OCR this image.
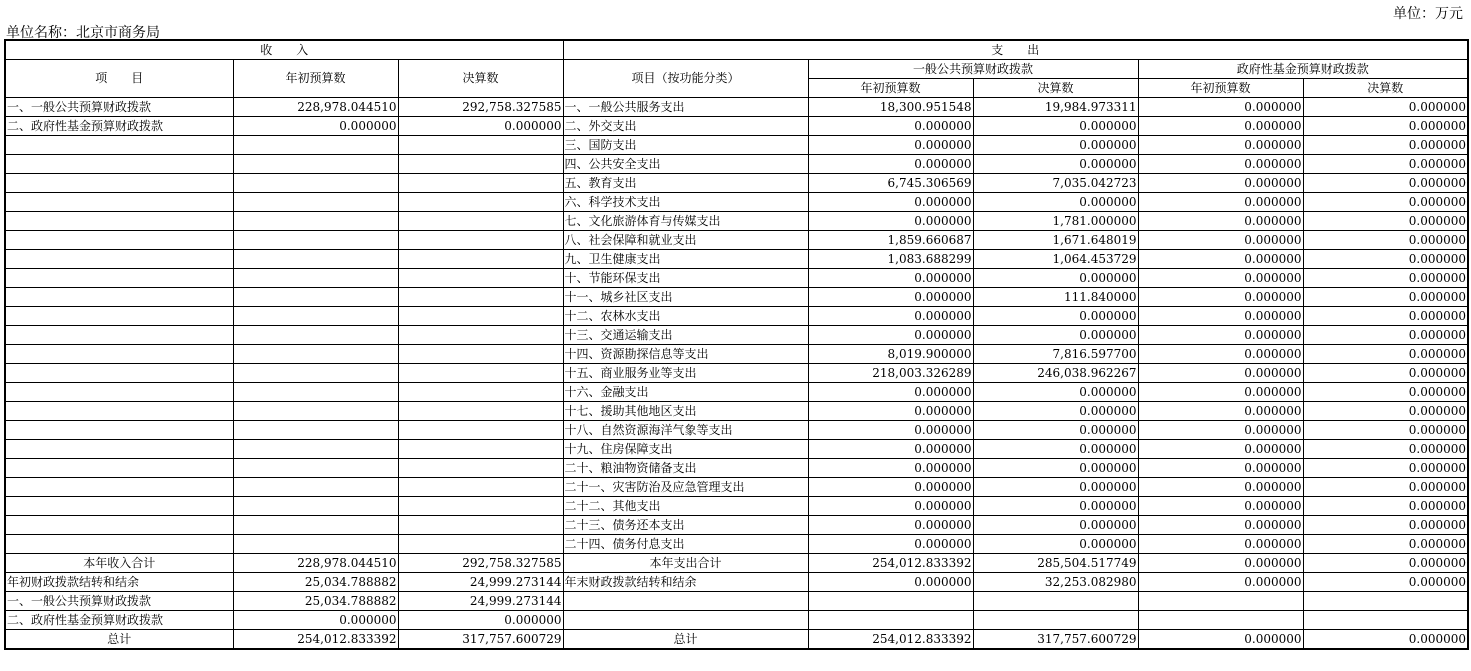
单位：万元
单位名称：北京市商务局
收　　入			支　　出				
项　　目	年初预算数	决算数	项目（按功能分类）	一般公共预算财政拨款		政府性基金预算财政拨款	
				年初预算数	决算数	年初预算数	决算数
一、一般公共预算财政拨款	228,978.044510	292,758.327585	一、一般公共服务支出	18,300.951548	19,984.973311	0.000000	0.000000
二、政府性基金预算财政拨款	0.000000	0.000000	二、外交支出	0.000000	0.000000	0.000000	0.000000
			三、国防支出	0.000000	0.000000	0.000000	0.000000
			四、公共安全支出	0.000000	0.000000	0.000000	0.000000
			五、教育支出	6,745.306569	7,035.042723	0.000000	0.000000
			六、科学技术支出	0.000000	0.000000	0.000000	0.000000
			七、文化旅游体育与传媒支出	0.000000	1,781.000000	0.000000	0.000000
			八、社会保障和就业支出	1,859.660687	1,671.648019	0.000000	0.000000
			九、卫生健康支出	1,083.688299	1,064.453729	0.000000	0.000000
			十、节能环保支出	0.000000	0.000000	0.000000	0.000000
			十一、城乡社区支出	0.000000	111.840000	0.000000	0.000000
			十二、农林水支出	0.000000	0.000000	0.000000	0.000000
			十三、交通运输支出	0.000000	0.000000	0.000000	0.000000
			十四、资源勘探信息等支出	8,019.900000	7,816.597700	0.000000	0.000000
			十五、商业服务业等支出	218,003.326289	246,038.962267	0.000000	0.000000
			十六、金融支出	0.000000	0.000000	0.000000	0.000000
			十七、援助其他地区支出	0.000000	0.000000	0.000000	0.000000
			十八、自然资源海洋气象等支出	0.000000	0.000000	0.000000	0.000000
			十九、住房保障支出	0.000000	0.000000	0.000000	0.000000
			二十、粮油物资储备支出	0.000000	0.000000	0.000000	0.000000
			二十一、灾害防治及应急管理支出	0.000000	0.000000	0.000000	0.000000
			二十二、其他支出	0.000000	0.000000	0.000000	0.000000
			二十三、债务还本支出	0.000000	0.000000	0.000000	0.000000
			二十四、债务付息支出	0.000000	0.000000	0.000000	0.000000
本年收入合计	228,978.044510	292,758.327585	本年支出合计	254,012.833392	285,504.517749	0.000000	0.000000
年初财政拨款结转和结余	25,034.788882	24,999.273144	年末财政拨款结转和结余	0.000000	32,253.082980	0.000000	0.000000
一、一般公共预算财政拨款	25,034.788882	24,999.273144					
二、政府性基金预算财政拨款	0.000000	0.000000					
总计	254,012.833392	317,757.600729	总计	254,012.833392	317,757.600729	0.000000	0.000000
